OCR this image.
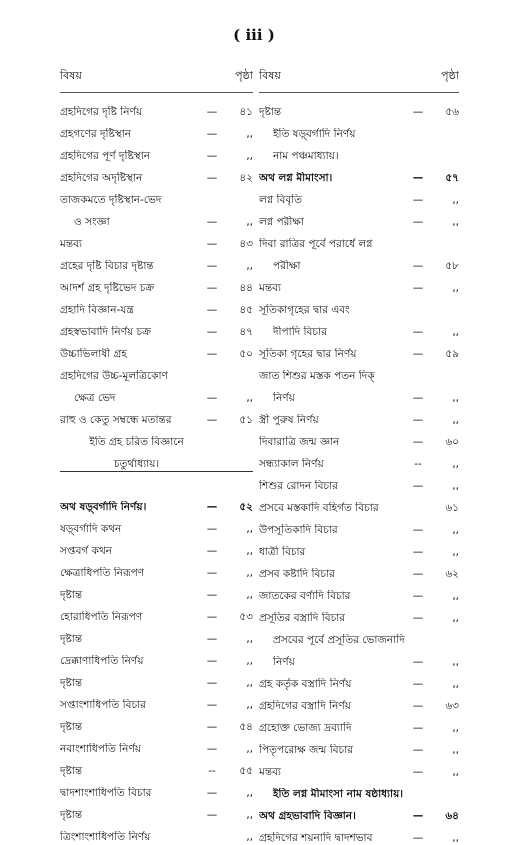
( iii )
বিষয়	পৃষ্ঠা
গ্রহদিগের দৃষ্টি নির্ণয়	—	৪১
গ্রহগণের দৃষ্টিস্থান	—	,,
গ্রহদিগের পূর্ণ দৃষ্টিস্থান	—	,,
গ্রহদিগের অদৃষ্টিস্থান	—	৪২
তাজকমতে দৃষ্টিস্থান-ভেদ
ও সংজ্ঞা	—	,,
মন্তব্য	—	৪৩
গ্রহের দৃষ্টি বিচার দৃষ্টান্ত	—	,,
আদর্শ গ্রহ দৃষ্টিভেদ চক্র	—	৪৪
গ্রহাদি বিজ্ঞান-যন্ত্র	—	৪৫
গ্রহস্বভাবাদি নির্ণয় চক্র	—	৪৭
উচ্চাভিলাষী গ্রহ	—	৫০
গ্রহদিগের উচ্চ-মূলত্রিকোণ
ক্ষেত্র ভেদ	—	,,
রাহু ও কেতু সম্বন্ধে মতান্তর	—	৫১
ইতি গ্রহ চরিত বিজ্ঞানে
চতুর্থাধ্যায়।
অথ ষড়্‌বর্গাদি নির্ণয়।	—	৫২
ষড়্‌বর্গাদি কথন	—	,,
সপ্তবর্গ কথন	—	,,
ক্ষেত্রাধিপতি নিরূপণ	—	,,
দৃষ্টান্ত	—	,,
হোরাধিপতি নিরূপণ	—	৫৩
দৃষ্টান্ত	—	,,
দ্রেক্কাণাধিপতি নির্ণয়	—	,,
দৃষ্টান্ত	—	,,
সপ্তাংশাধিপতি বিচার	—	,,
দৃষ্টান্ত	—	৫৪
নবাংশাধিপতি নির্ণয়	—	,,
দৃষ্টান্ত	--	৫৫
দ্বাদশাংশাধিপতি বিচার	—	,,
দৃষ্টান্ত	—	,,
ত্রিংশাংশাধিপতি নির্ণয়	,,
বিষয়	পৃষ্ঠা
দৃষ্টান্ত	—	৫৬
ইতি ষড়্‌বর্গাদি নির্ণয়
নাম পঞ্চমাধ্যায়।
অথ লগ্ন মীমাংসা।	—	৫৭
লগ্ন বিবৃতি	—	,,
লগ্ন পরীক্ষা	—	,,
দিবা রাত্রির পূর্বে পরার্ধে লগ্ন
পরীক্ষা	—	৫৮
মন্তব্য	—	,,
সূতিকাগৃহের দ্বার এবং
দীপাদি বিচার	—	,,
সূতিকা গৃহের দ্বার নির্ণয়	—	৫৯
জাত শিশুর মস্তক পতন দিক্
নির্ণয়	—	,,
স্ত্রী পুরুষ নির্ণয়	—	,,
দিবারাত্রি জন্ম জ্ঞান	—	৬০
সন্ধ্যাকাল নির্ণয়	--	,,
শিশুর রোদন বিচার	—	,,
প্রসবে মস্তকাদি বহির্গত বিচার	৬১
উপসূতিকাদি বিচার	—	,,
ধাত্রী বিচার	—	,,
প্রসব কষ্টাদি বিচার	—	৬২
জাতকের বর্ণাদি বিচার	—	,,
প্রসূতির বস্ত্রাদি বিচার	—	,,
প্রসবের পূর্বে প্রসূতির ভোজনাদি
নির্ণয়	—	,,
গ্রহ কর্তৃক বস্ত্রাদি নির্ণয়	—	,,
গ্রহদিগের বস্ত্রাদি নির্ণয়	—	৬৩
গ্রহোক্ত ভোজ্য দ্রব্যাদি	—	,,
পিতৃপরোক্ষ জন্ম বিচার	—	,,
মন্তব্য	—	,,
ইতি লগ্ন মীমাংসা নাম ষষ্ঠাধ্যায়।
অথ গ্রহভাবাদি বিজ্ঞান।	—	৬৪
গ্রহদিগের শয়নাদি দ্বাদশভাব	—	,,
